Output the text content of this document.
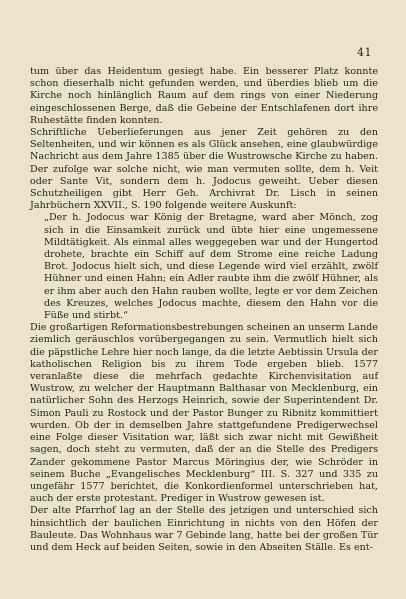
41

tum über das Heidentum gesiegt habe. Ein besserer Platz konnte schon dieserhalb nicht gefunden werden, und überdies blieb um die Kirche noch hinlänglich Raum auf dem rings von einer Niederung eingeschlossenen Berge, daß die Gebeine der Entschlafenen dort ihre Ruhestätte finden konnten.

Schriftliche Ueberlieferungen aus jener Zeit gehören zu den Seltenheiten, und wir können es als Glück ansehen, eine glaubwürdige Nachricht aus dem Jahre 1385 über die Wustrowsche Kirche zu haben. Der zufolge war solche nicht, wie man vermuten sollte, dem h. Veit oder Sante Vit, sondern dem h. Jodocus geweiht. Ueber diesen Schutzheiligen gibt Herr Geh. Archivrat Dr. Lisch in seinen Jahrbüchern XXVII., S. 190 folgende weitere Auskunft:

„Der h. Jodocus war König der Bretagne, ward aber Mönch, zog sich in die Einsamkeit zurück und übte hier eine ungemessene Mildtätigkeit. Als einmal alles weggegeben war und der Hungertod drohete, brachte ein Schiff auf dem Strome eine reiche Ladung Brot. Jodocus hielt sich, und diese Legende wird viel erzählt, zwölf Hühner und einen Hahn; ein Adler raubte ihm die zwölf Hühner, als er ihm aber auch den Hahn rauben wollte, legte er vor dem Zeichen des Kreuzes, welches Jodocus machte, diesem den Hahn vor die Füße und stirbt.“

Die großartigen Reformationsbestrebungen scheinen an unserm Lande ziemlich geräuschlos vorübergegangen zu sein. Vermutlich hielt sich die päpstliche Lehre hier noch lange, da die letzte Aebtissin Ursula der katholischen Religion bis zu ihrem Tode ergeben blieb. 1577 veranlaßte diese die mehrfach gedachte Kirchenvisitation auf Wustrow, zu welcher der Hauptmann Balthasar von Mecklenburg, ein natürlicher Sohn des Herzogs Heinrich, sowie der Superintendent Dr. Simon Pauli zu Rostock und der Pastor Bunger zu Ribnitz kommittiert wurden. Ob der in demselben Jahre stattgefundene Predigerwechsel eine Folge dieser Visitation war, läßt sich zwar nicht mit Gewißheit sagen, doch steht zu vermuten, daß der an die Stelle des Predigers Zander gekommene Pastor Marcus Möringius der, wie Schröder in seinem Buche „Evangelisches Mecklenburg“ III. S. 327 und 335 zu ungefähr 1577 berichtet, die Konkordienformel unterschrieben hat, auch der erste protestant. Prediger in Wustrow gewesen ist.

Der alte Pfarrhof lag an der Stelle des jetzigen und unterschied sich hinsichtlich der baulichen Einrichtung in nichts von den Höfen der Bauleute. Das Wohnhaus war 7 Gebinde lang, hatte bei der großen Tür und dem Heck auf beiden Seiten, sowie in den Abseiten Ställe. Es ent-
